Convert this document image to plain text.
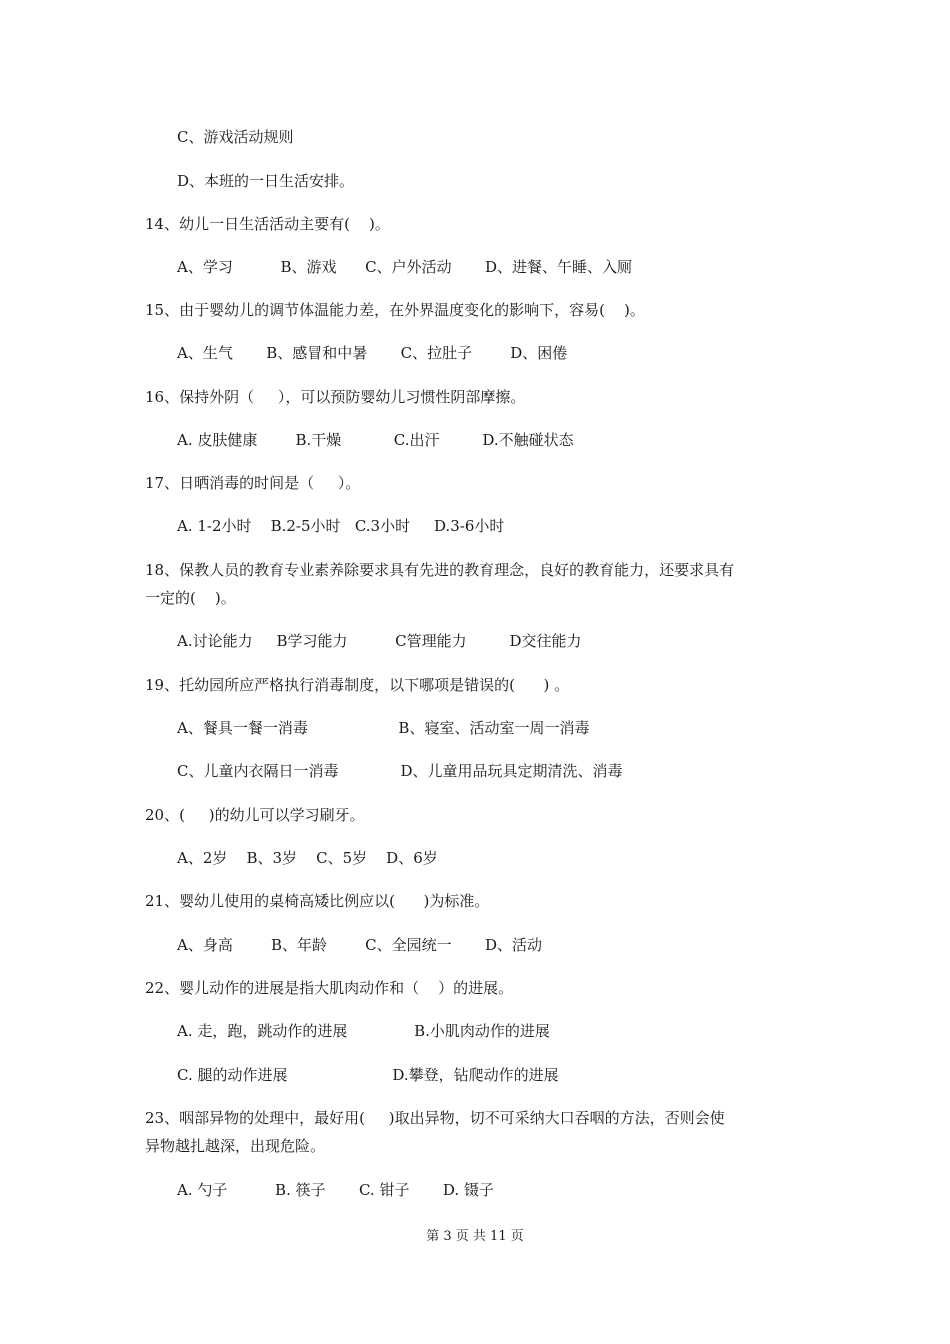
C、游戏活动规则
D、本班的一日生活安排。
14、幼儿一日生活活动主要有(    )。
A、学习          B、游戏      C、户外活动       D、进餐、午睡、入厕
15、由于婴幼儿的调节体温能力差，在外界温度变化的影响下，容易(    )。
A、生气       B、感冒和中暑       C、拉肚子        D、困倦
16、保持外阴（     ），可以预防婴幼儿习惯性阴部摩擦。
A. 皮肤健康        B.干燥           C.出汗         D.不触碰状态
17、日晒消毒的时间是（     ）。
A. 1-2小时    B.2-5小时   C.3小时     D.3-6小时
18、保教人员的教育专业素养除要求具有先进的教育理念，良好的教育能力，还要求具有
一定的(    )。
A.讨论能力     B学习能力          C管理能力         D交往能力
19、托幼园所应严格执行消毒制度，以下哪项是错误的(      ) 。
A、餐具一餐一消毒                   B、寝室、活动室一周一消毒
C、儿童内衣隔日一消毒             D、儿童用品玩具定期清洗、消毒
20、(     )的幼儿可以学习刷牙。
A、2岁    B、3岁    C、5岁    D、6岁
21、婴幼儿使用的桌椅高矮比例应以(      )为标准。
A、身高        B、年龄        C、全园统一       D、活动
22、婴儿动作的进展是指大肌肉动作和（    ）的进展。
A. 走，跑，跳动作的进展              B.小肌肉动作的进展
C. 腿的动作进展                      D.攀登，钻爬动作的进展
23、咽部异物的处理中，最好用(     )取出异物，切不可采纳大口吞咽的方法，否则会使
异物越扎越深，出现危险。
A. 勺子          B. 筷子       C. 钳子       D. 镊子
第 3 页 共 11 页
